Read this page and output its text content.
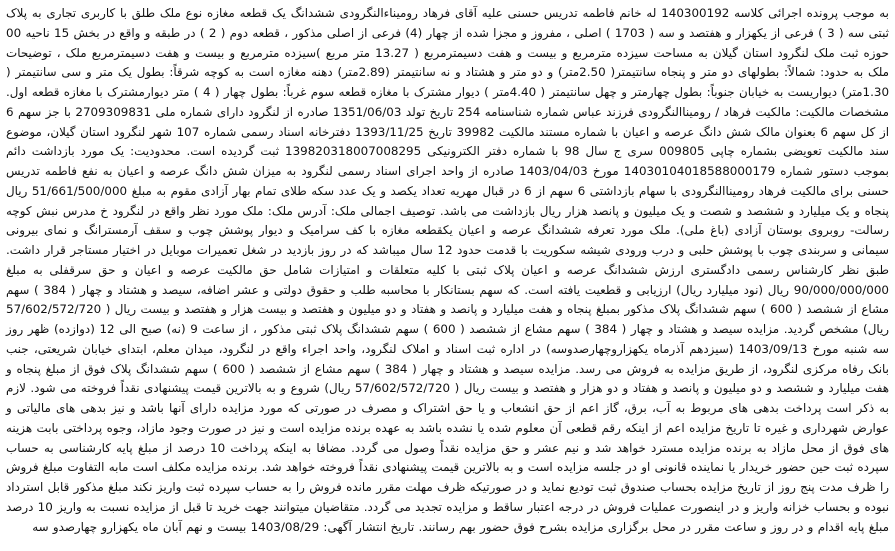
به موجب پرونده اجرائی کلاسه 140300192 له خانم فاطمه تدریس حسنی علیه آقای فرهاد رومیناءالنگرودی ششدانگ یک قطعه مغازه نوع ملک طلق با کاربری تجاری به پلاک ثبتی سه ( 3 ) فرعی از یکهزار و هفتصد و سه ( 1703 ) اصلی ، مفروز و مجزا شده از چهار (4) فرعی از اصلی مذکور ، قطعه دوم ( 2 ) در طبقه و واقع در بخش 15 ناحیه 00 حوزه ثبت ملک لنگرود استان گیلان به مساحت سیزده مترمربع و بیست و هفت دسیمترمربع ( 13.27 متر مربع )سیزده مترمربع و بیست و هفت دسیمترمربع ملک ، توضیحات ملک به حدود: شمالاً: بطولهای دو متر و پنجاه سانتیمتر( 2.50متر) و دو متر و هشتاد و نه سانتیمتر (2.89متر) دهنه مغازه است به کوچه شرقاً: بطول یک متر و سی سانتیمتر ( 1.30متر) دیواریست به خیابان جنوباً: بطول چهارمتر و چهل سانتیمتر ( 4.40متر ) دیوار مشترک با مغازه قطعه سوم غرباً: بطول چهار ( 4 ) متر دیوارمشترک با مغازه قطعه اول. مشخصات مالکیت: مالکیت فرهاد / رومیناالنگرودی فرزند عباس شماره شناسنامه 254 تاریخ تولد 1351/06/03 صادره از لنگرود دارای شماره ملی 2709309831 با جز سهم 6 از کل سهم 6 بعنوان مالک شش دانگ عرصه و اعیان با شماره مستند مالکیت 39982 تاریخ 1393/11/25 دفترخانه اسناد رسمی شماره 107 شهر لنگرود استان گیلان، موضوع سند مالکیت تعویضی بشماره چاپی 009805 سری ج سال 98 با شماره دفتر الکترونیکی 139820318007008295 ثبت گردیده است. محدودیت: یک مورد بازداشت دائم بموجب دستور شماره 14030104018588000179 مورخ 1403/04/03 صادره از واحد اجرای اسناد رسمی لنگرود به میزان شش دانگ عرصه و اعیان به نفع فاطمه تدریس حسنی برای مالکیت فرهاد رومیناالنگرودی با سهام بازداشتی 6 سهم از 6 در قبال مهریه تعداد یکصد و یک عدد سکه طلای تمام بهار آزادی مقوم به مبلغ 51/661/500/000 ریال پنجاه و یک میلیارد و ششصد و شصت و یک میلیون و پانصد هزار ریال بازداشت می باشد. توصیف اجمالی ملک: آدرس ملک: ملک مورد نظر واقع در لنگرود خ مدرس نبش کوچه رسالت- روبروی بوستان آزادی (باغ ملی). ملک مورد تعرفه ششدانگ عرصه و اعیان یکقطعه مغازه با کف سرامیک و دیوار پوشش چوب و سقف آرمسترانگ و نمای بیرونی سیمانی و سربندی چوب با پوشش حلبی و درب ورودی شیشه سکوریت با قدمت حدود 12 سال میباشد که در روز بازدید در شغل تعمیرات موبایل در اختیار مستاجر قرار داشت. طبق نظر کارشناس رسمی دادگستری ارزش ششدانگ عرصه و اعیان پلاک ثبتی با کلیه متعلقات و امتیازات شامل حق مالکیت عرصه و اعیان و حق سرقفلی به مبلغ 90/000/000/000 ریال (نود میلیارد ریال) ارزیابی و قطعیت یافته است. که سهم بستانکار با محاسبه طلب و حقوق دولتی و عشر اضافه، سیصد و هشتاد و چهار ( 384 ) سهم مشاع از ششصد ( 600 ) سهم ششدانگ پلاک مذکور بمبلغ پنجاه و هفت میلیارد و پانصد و هفتاد و دو میلیون و هفتصد و بیست هزار و هفتصد و بیست ریال ( 57/602/572/720 ریال) مشخص گردید. مزایده سیصد و هشتاد و چهار ( 384 ) سهم مشاع از ششصد ( 600 ) سهم ششدانگ پلاک ثبتی مذکور ، از ساعت 9 (نه) صبح الی 12 (دوازده) ظهر روز سه شنبه مورخ 1403/09/13 (سیزدهم آذرماه یکهزاروچهارصدوسه) در اداره ثبت اسناد و املاک لنگرود، واحد اجراء واقع در لنگرود، میدان معلم، ابتدای خیابان شریعتی، جنب بانک رفاه مرکزی لنگرود، از طریق مزایده به فروش می رسد. مزایده سیصد و هشتاد و چهار ( 384 ) سهم مشاع از ششصد ( 600 ) سهم ششدانگ پلاک فوق از مبلغ پنجاه و هفت میلیارد و ششصد و دو میلیون و پانصد و هفتاد و دو هزار و هفتصد و بیست ریال ( 57/602/572/720 ریال) شروع و به بالاترین قیمت پیشنهادی نقداً فروخته می شود. لازم به ذکر است پرداخت بدهی های مربوط به آب، برق، گاز اعم از حق انشعاب و یا حق اشتراک و مصرف در صورتی که مورد مزایده دارای آنها باشد و نیز بدهی های مالیاتی و عوارض شهرداری و غیره تا تاریخ مزایده اعم از اینکه رقم قطعی آن معلوم شده یا نشده باشد به عهده برنده مزایده است و نیز در صورت وجود مازاد، وجوه پرداختی بابت هزینه های فوق از محل مازاد به برنده مزایده مسترد خواهد شد و نیم عشر و حق مزایده نقداً وصول می گردد. مضافا به اینکه پرداخت 10 درصد از مبلغ پایه کارشناسی به حساب سپرده ثبت حین حضور خریدار یا نماینده قانونی او در جلسه مزایده است و به بالاترین قیمت پیشنهادی نقداً فروخته خواهد شد. برنده مزایده مکلف است مابه التفاوت مبلغ فروش را ظرف مدت پنج روز از تاریخ مزایده بحساب صندوق ثبت تودیع نماید و در صورتیکه ظرف مهلت مقرر مانده فروش را به حساب سپرده ثبت واریز نکند مبلغ مذکور قابل استرداد نبوده و بحساب خزانه واریز و در اینصورت عملیات فروش در درجه اعتبار ساقط و مزایده تجدید می گردد. متقاضیان میتوانند جهت خرید تا قبل از مزایده نسبت به واریز 10 درصد مبلغ پایه اقدام و در روز و ساعت مقرر در محل برگزاری مزایده بشرح فوق حضور بهم رسانند. تاریخ انتشار آگهی: 1403/08/29 بیست و نهم آبان ماه یکهزارو چهارصدو سه
